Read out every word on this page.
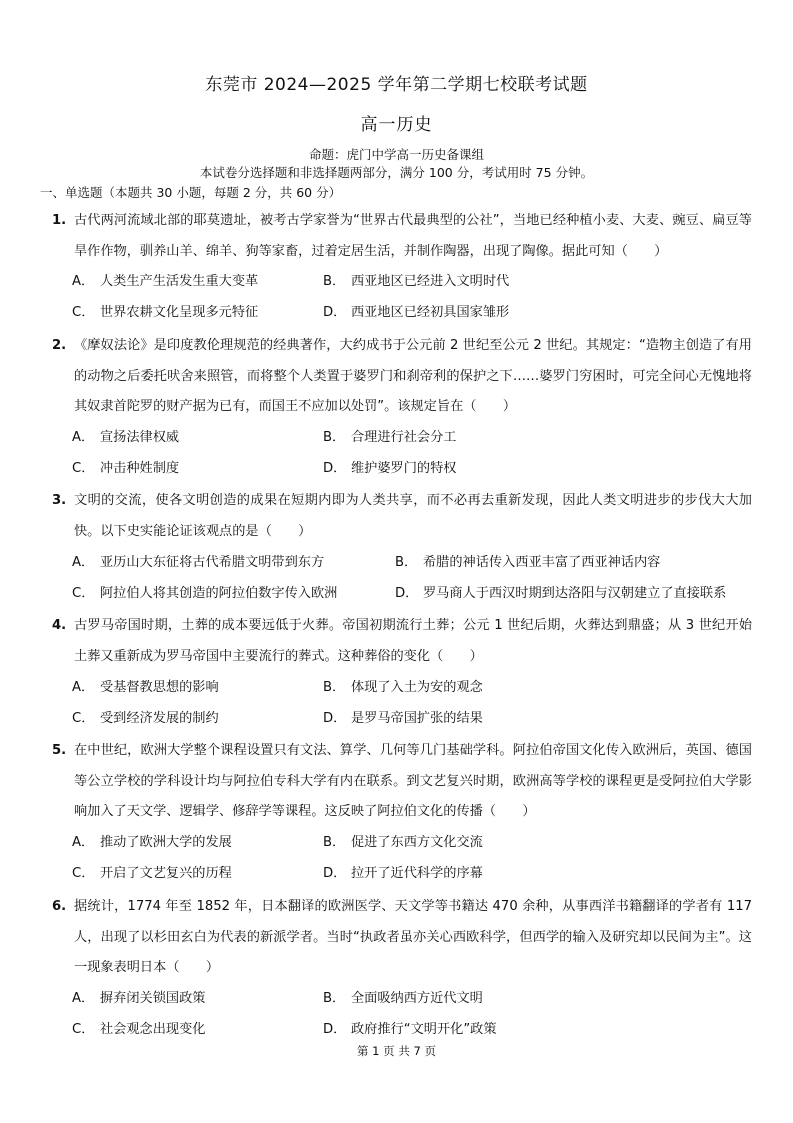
东莞市 2024—2025 学年第二学期七校联考试题
高一历史
命题：虎门中学高一历史备课组
本试卷分选择题和非选择题两部分，满分 100 分，考试用时 75 分钟。
一、单选题（本题共 30 小题，每题 2 分，共 60 分）
1. 古代两河流域北部的耶莫遗址，被考古学家誉为“世界古代最典型的公社”，当地已经种植小麦、大麦、豌豆、扁豆等旱作作物，驯养山羊、绵羊、狗等家畜，过着定居生活，并制作陶器，出现了陶像。据此可知（　　）
A． 人类生产生活发生重大变革	B． 西亚地区已经进入文明时代
C． 世界农耕文化呈现多元特征	D． 西亚地区已经初具国家雏形
2. 《摩奴法论》是印度教伦理规范的经典著作，大约成书于公元前 2 世纪至公元 2 世纪。其规定：“造物主创造了有用的动物之后委托吠舍来照管，而将整个人类置于婆罗门和刹帝利的保护之下……婆罗门穷困时，可完全问心无愧地将其奴隶首陀罗的财产据为已有，而国王不应加以处罚”。该规定旨在（　　）
A． 宣扬法律权威	B． 合理进行社会分工
C． 冲击种姓制度	D． 维护婆罗门的特权
3. 文明的交流，使各文明创造的成果在短期内即为人类共享，而不必再去重新发现，因此人类文明进步的步伐大大加快。以下史实能论证该观点的是（　　）
A． 亚历山大东征将古代希腊文明带到东方	B． 希腊的神话传入西亚丰富了西亚神话内容
C． 阿拉伯人将其创造的阿拉伯数字传入欧洲	D． 罗马商人于西汉时期到达洛阳与汉朝建立了直接联系
4. 古罗马帝国时期，土葬的成本要远低于火葬。帝国初期流行土葬；公元 1 世纪后期，火葬达到鼎盛；从 3 世纪开始土葬又重新成为罗马帝国中主要流行的葬式。这种葬俗的变化（　　）
A． 受基督教思想的影响	B． 体现了入土为安的观念
C． 受到经济发展的制约	D． 是罗马帝国扩张的结果
5. 在中世纪，欧洲大学整个课程设置只有文法、算学、几何等几门基础学科。阿拉伯帝国文化传入欧洲后，英国、德国等公立学校的学科设计均与阿拉伯专科大学有内在联系。到文艺复兴时期，欧洲高等学校的课程更是受阿拉伯大学影响加入了天文学、逻辑学、修辞学等课程。这反映了阿拉伯文化的传播（　　）
A． 推动了欧洲大学的发展	B． 促进了东西方文化交流
C． 开启了文艺复兴的历程	D． 拉开了近代科学的序幕
6. 据统计，1774 年至 1852 年，日本翻译的欧洲医学、天文学等书籍达 470 余种，从事西洋书籍翻译的学者有 117 人，出现了以杉田玄白为代表的新派学者。当时“执政者虽亦关心西欧科学，但西学的输入及研究却以民间为主”。这一现象表明日本（　　）
A． 摒弃闭关锁国政策	B． 全面吸纳西方近代文明
C． 社会观念出现变化	D． 政府推行“文明开化”政策
第 1 页 共 7 页
